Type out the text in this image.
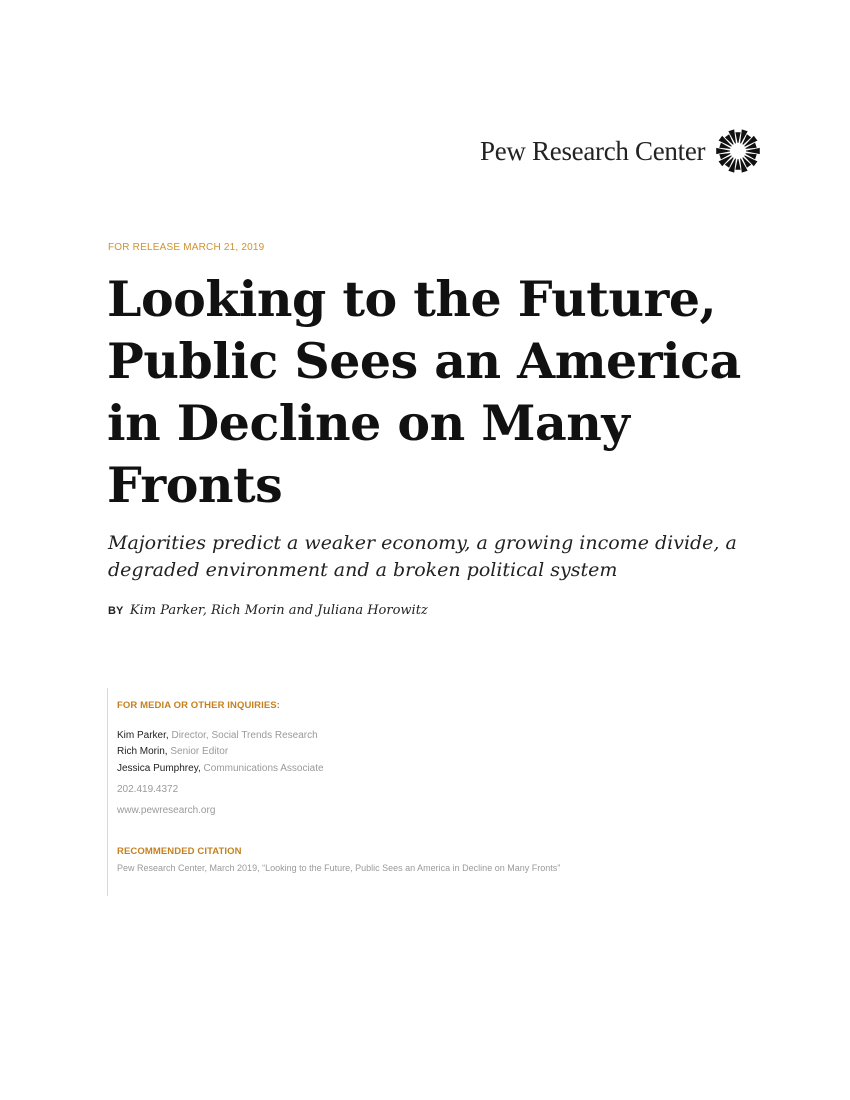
Pew Research Center
FOR RELEASE MARCH 21, 2019
Looking to the Future,
Public Sees an America
in Decline on Many
Fronts

Majorities predict a weaker economy, a growing income divide, a
degraded environment and a broken political system

BY Kim Parker, Rich Morin and Juliana Horowitz
FOR MEDIA OR OTHER INQUIRIES:
Kim Parker, Director, Social Trends Research
Rich Morin, Senior Editor
Jessica Pumphrey, Communications Associate
202.419.4372
www.pewresearch.org
RECOMMENDED CITATION
Pew Research Center, March 2019, “Looking to the Future, Public Sees an America in Decline on Many Fronts”
